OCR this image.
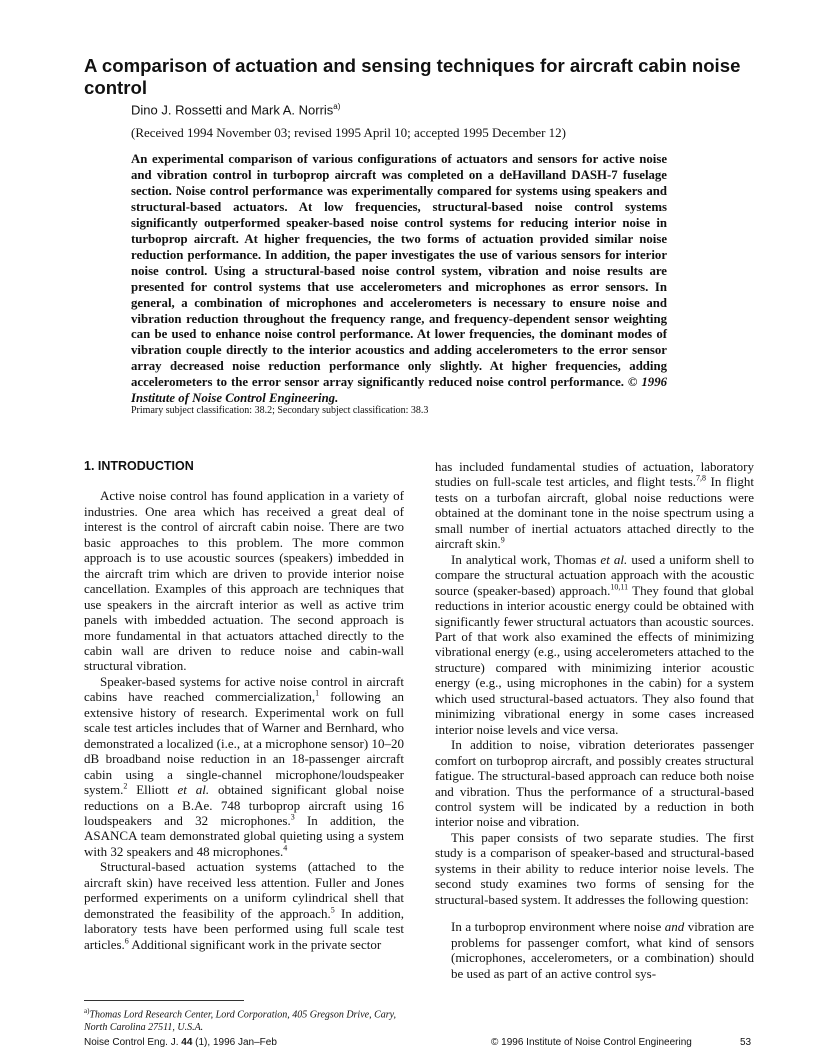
A comparison of actuation and sensing techniques for aircraft cabin noise control
Dino J. Rossetti and Mark A. Norris$^{a)}$
(Received 1994 November 03; revised 1995 April 10; accepted 1995 December 12)

An experimental comparison of various configurations of actuators and sensors for active noise and vibration control in turboprop aircraft was completed on a deHavilland DASH-7 fuselage section. Noise control performance was experimentally compared for systems using speakers and structural-based actuators. At low frequencies, structural-based noise control systems significantly outperformed speaker-based noise control systems for reducing interior noise in turboprop aircraft. At higher frequencies, the two forms of actuation provided similar noise reduction performance. In addition, the paper investigates the use of various sensors for interior noise control. Using a structural-based noise control system, vibration and noise results are presented for control systems that use accelerometers and microphones as error sensors. In general, a combination of microphones and accelerometers is necessary to ensure noise and vibration reduction throughout the frequency range, and frequency-dependent sensor weighting can be used to enhance noise control performance. At lower frequencies, the dominant modes of vibration couple directly to the interior acoustics and adding accelerometers to the error sensor array decreased noise reduction performance only slightly. At higher frequencies, adding accelerometers to the error sensor array significantly reduced noise control performance. © 1996 Institute of Noise Control Engineering.

Primary subject classification: 38.2; Secondary subject classification: 38.3

1. INTRODUCTION

Active noise control has found application in a variety of industries. One area which has received a great deal of interest is the control of aircraft cabin noise. There are two basic approaches to this problem. The more common approach is to use acoustic sources (speakers) imbedded in the aircraft trim which are driven to provide interior noise cancellation. Examples of this approach are techniques that use speakers in the aircraft interior as well as active trim panels with imbedded actuation. The second approach is more fundamental in that actuators attached directly to the cabin wall are driven to reduce noise and cabin-wall structural vibration.

Speaker-based systems for active noise control in aircraft cabins have reached commercialization,$^1$ following an extensive history of research. Experimental work on full scale test articles includes that of Warner and Bernhard, who demonstrated a localized (i.e., at a microphone sensor) 10–20 dB broadband noise reduction in an 18-passenger aircraft cabin using a single-channel microphone/loudspeaker system.$^2$ Elliott et al. obtained significant global noise reductions on a B.Ae. 748 turboprop aircraft using 16 loudspeakers and 32 microphones.$^3$ In addition, the ASANCA team demonstrated global quieting using a system with 32 speakers and 48 microphones.$^4$

Structural-based actuation systems (attached to the aircraft skin) have received less attention. Fuller and Jones performed experiments on a uniform cylindrical shell that demonstrated the feasibility of the approach.$^5$ In addition, laboratory tests have been performed using full scale test articles.$^6$ Additional significant work in the private sector

has included fundamental studies of actuation, laboratory studies on full-scale test articles, and flight tests.$^{7,8}$ In flight tests on a turbofan aircraft, global noise reductions were obtained at the dominant tone in the noise spectrum using a small number of inertial actuators attached directly to the aircraft skin.$^9$

In analytical work, Thomas et al. used a uniform shell to compare the structural actuation approach with the acoustic source (speaker-based) approach.$^{10,11}$ They found that global reductions in interior acoustic energy could be obtained with significantly fewer structural actuators than acoustic sources. Part of that work also examined the effects of minimizing vibrational energy (e.g., using accelerometers attached to the structure) compared with minimizing interior acoustic energy (e.g., using microphones in the cabin) for a system which used structural-based actuators. They also found that minimizing vibrational energy in some cases increased interior noise levels and vice versa.

In addition to noise, vibration deteriorates passenger comfort on turboprop aircraft, and possibly creates structural fatigue. The structural-based approach can reduce both noise and vibration. Thus the performance of a structural-based control system will be indicated by a reduction in both interior noise and vibration.

This paper consists of two separate studies. The first study is a comparison of speaker-based and structural-based systems in their ability to reduce interior noise levels. The second study examines two forms of sensing for the structural-based system. It addresses the following question:

In a turboprop environment where noise and vibration are problems for passenger comfort, what kind of sensors (microphones, accelerometers, or a combination) should be used as part of an active control sys-

$^{a)}$Thomas Lord Research Center, Lord Corporation, 405 Gregson Drive, Cary, North Carolina 27511, U.S.A.
Noise Control Eng. J. 44 (1), 1996 Jan–Feb	© 1996 Institute of Noise Control Engineering	53
